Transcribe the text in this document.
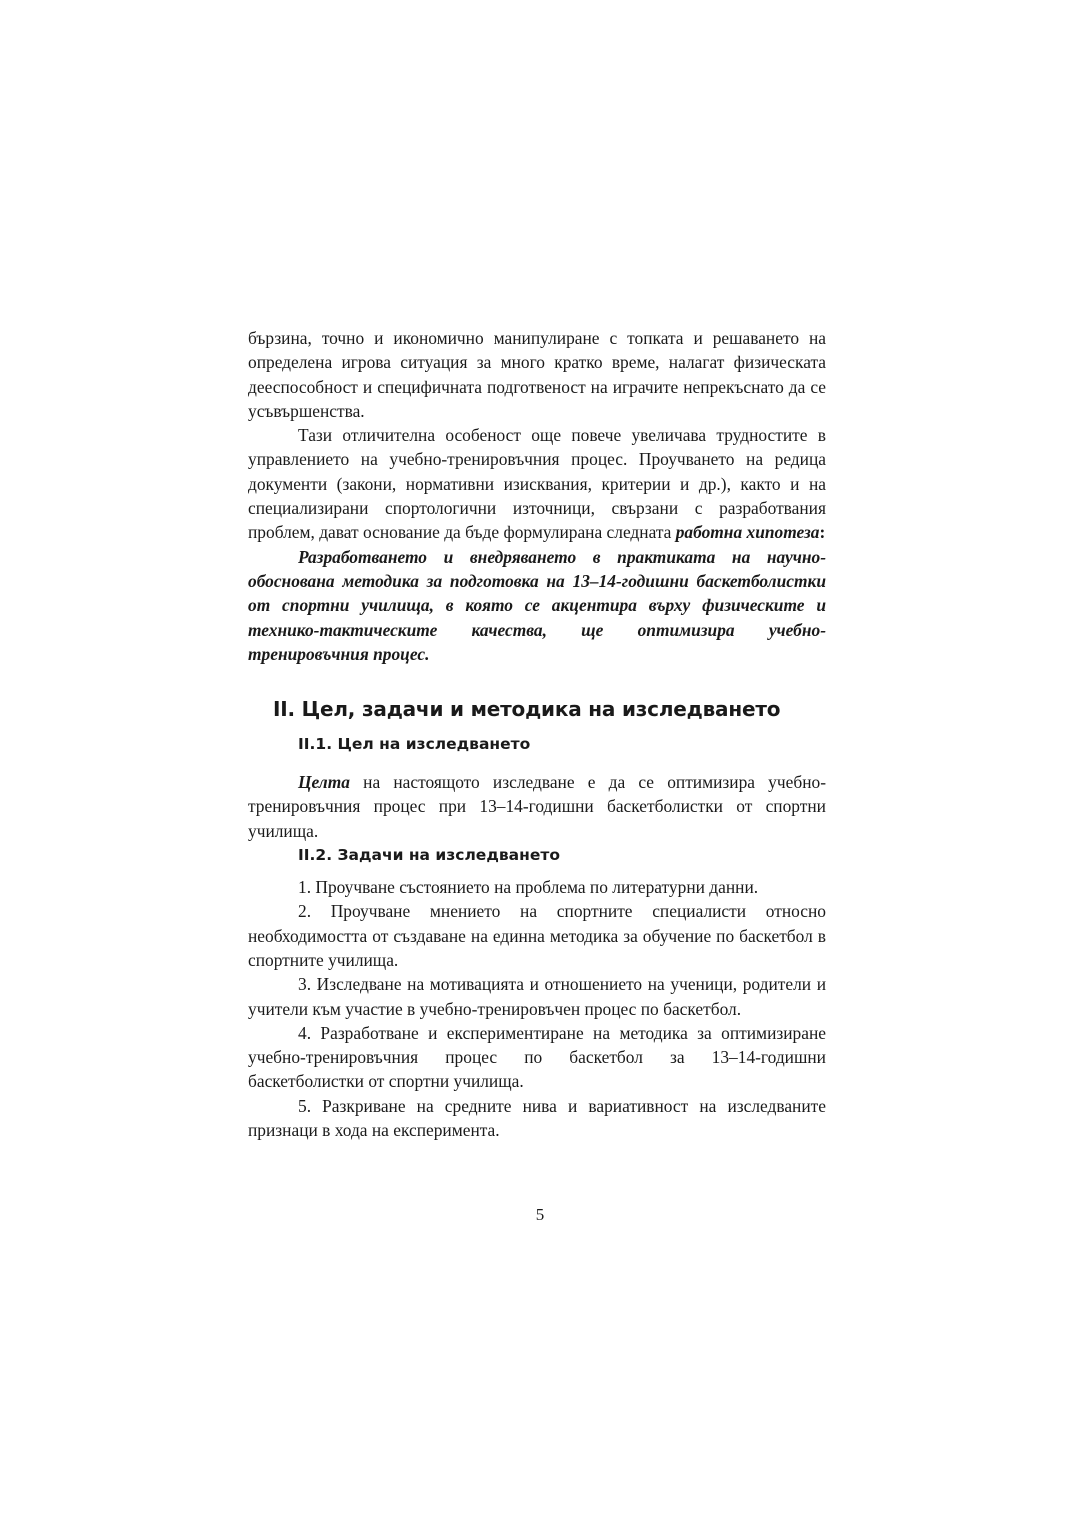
бързина, точно и икономично манипулиране с топката и решаването на определена игрова ситуация за много кратко време, налагат физическата дееспособност и специфичната подготвеност на играчите непрекъснато да се усъвършенства.

Тази отличителна особеност още повече увеличава трудностите в управлението на учебно-тренировъчния процес. Проучването на редица документи (закони, нормативни изисквания, критерии и др.), както и на специализирани спортологични източници, свързани с разработвания проблем, дават основание да бъде формулирана следната работна хипотеза:

Разработването и внедряването в практиката на научно-обоснована методика за подготовка на 13–14-годишни баскетболистки от спортни училища, в която се акцентира върху физическите и технико-тактическите качества, ще оптимизира учебно-тренировъчния процес.

II. Цел, задачи и методика на изследването

II.1. Цел на изследването

Целта на настоящото изследване е да се оптимизира учебно-тренировъчния процес при 13–14-годишни баскетболистки от спортни училища.

II.2. Задачи на изследването

1. Проучване състоянието на проблема по литературни данни.

2. Проучване мнението на спортните специалисти относно необходимостта от създаване на единна методика за обучение по баскетбол в спортните училища.

3. Изследване на мотивацията и отношението на ученици, родители и учители към участие в учебно-тренировъчен процес по баскетбол.

4. Разработване и експериментиране на методика за оптимизиране учебно-тренировъчния процес по баскетбол за 13–14-годишни баскетболистки от спортни училища.

5. Разкриване на средните нива и вариативност на изследваните признаци в хода на експеримента.

5
